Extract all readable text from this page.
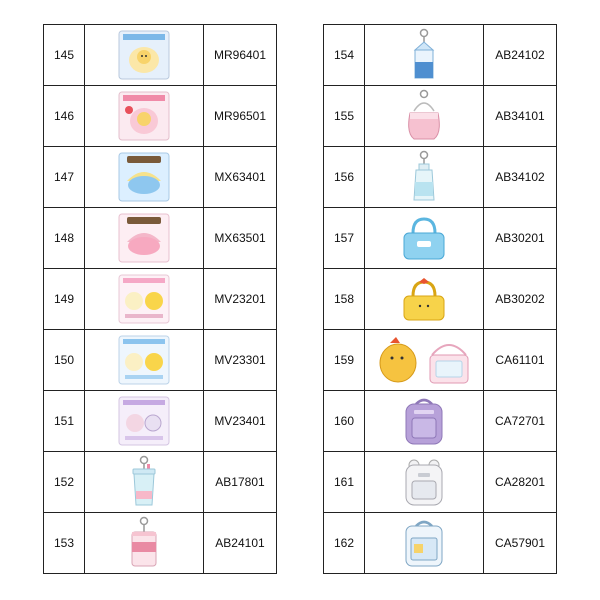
145		MR96401
146		MR96501
147		MX63401
148		MX63501
149		MV23201
150		MV23301
151		MV23401
152		AB17801
153		AB24101
154		AB24102
155		AB34101
156		AB34102
157		AB30201
158		AB30202
159		CA61101
160		CA72701
161		CA28201
162		CA57901
